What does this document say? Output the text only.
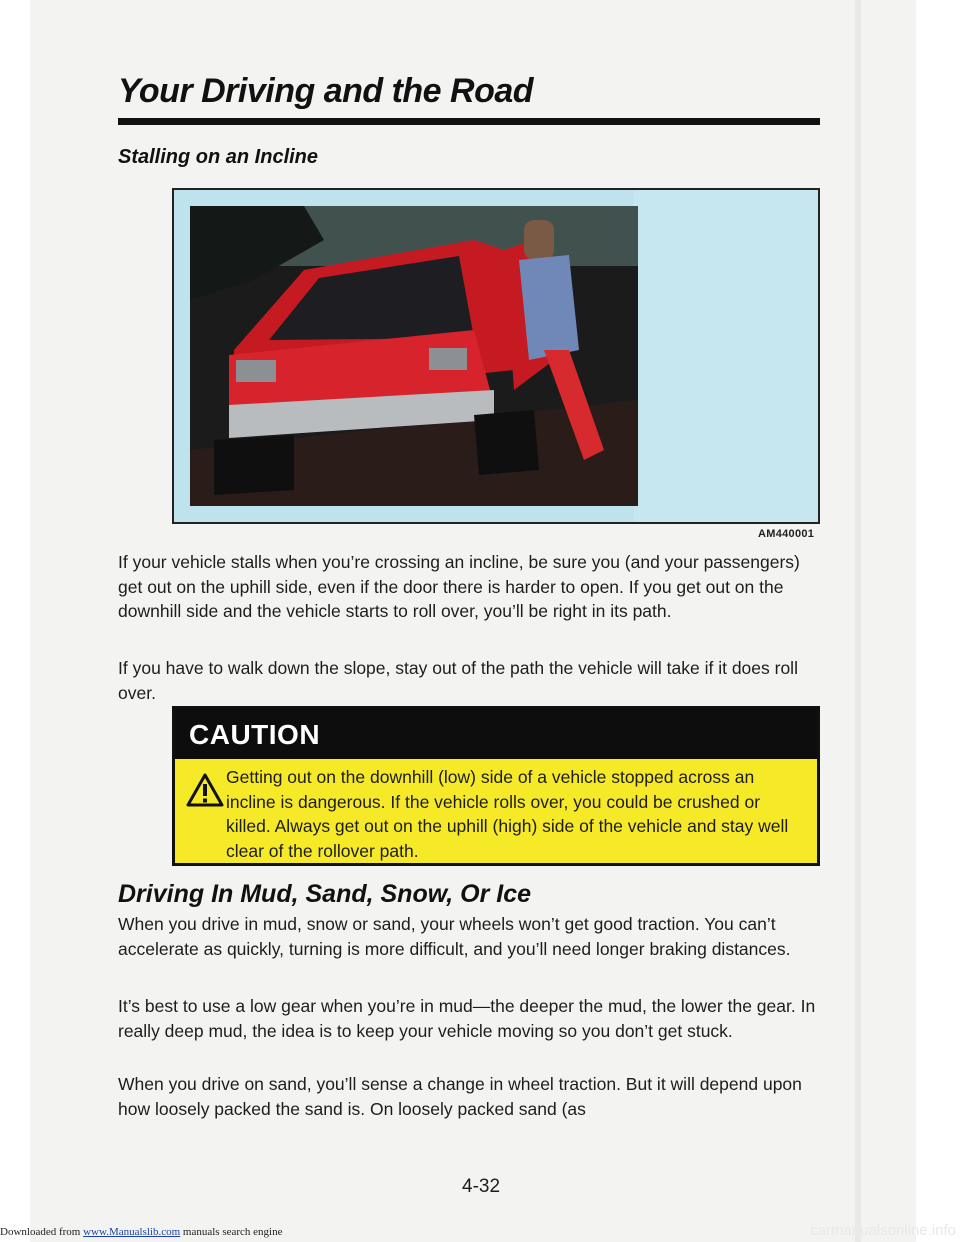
Your Driving and the Road
Stalling on an Incline
AM440001

If your vehicle stalls when you’re crossing an incline, be sure you (and your passengers) get out on the uphill side, even if the door there is harder to open. If you get out on the downhill side and the vehicle starts to roll over, you’ll be right in its path.

If you have to walk down the slope, stay out of the path the vehicle will take if it does roll over.

CAUTION

Getting out on the downhill (low) side of a vehicle stopped across an incline is dangerous. If the vehicle rolls over, you could be crushed or killed. Always get out on the uphill (high) side of the vehicle and stay well clear of the rollover path.

Driving In Mud, Sand, Snow, Or Ice

When you drive in mud, snow or sand, your wheels won’t get good traction. You can’t accelerate as quickly, turning is more difficult, and you’ll need longer braking distances.

It’s best to use a low gear when you’re in mud—the deeper the mud, the lower the gear. In really deep mud, the idea is to keep your vehicle moving so you don’t get stuck.

When you drive on sand, you’ll sense a change in wheel traction. But it will depend upon how loosely packed the sand is. On loosely packed sand (as

4-32
Downloaded from www.Manualslib.com manuals search engine	carmanualsonline.info
